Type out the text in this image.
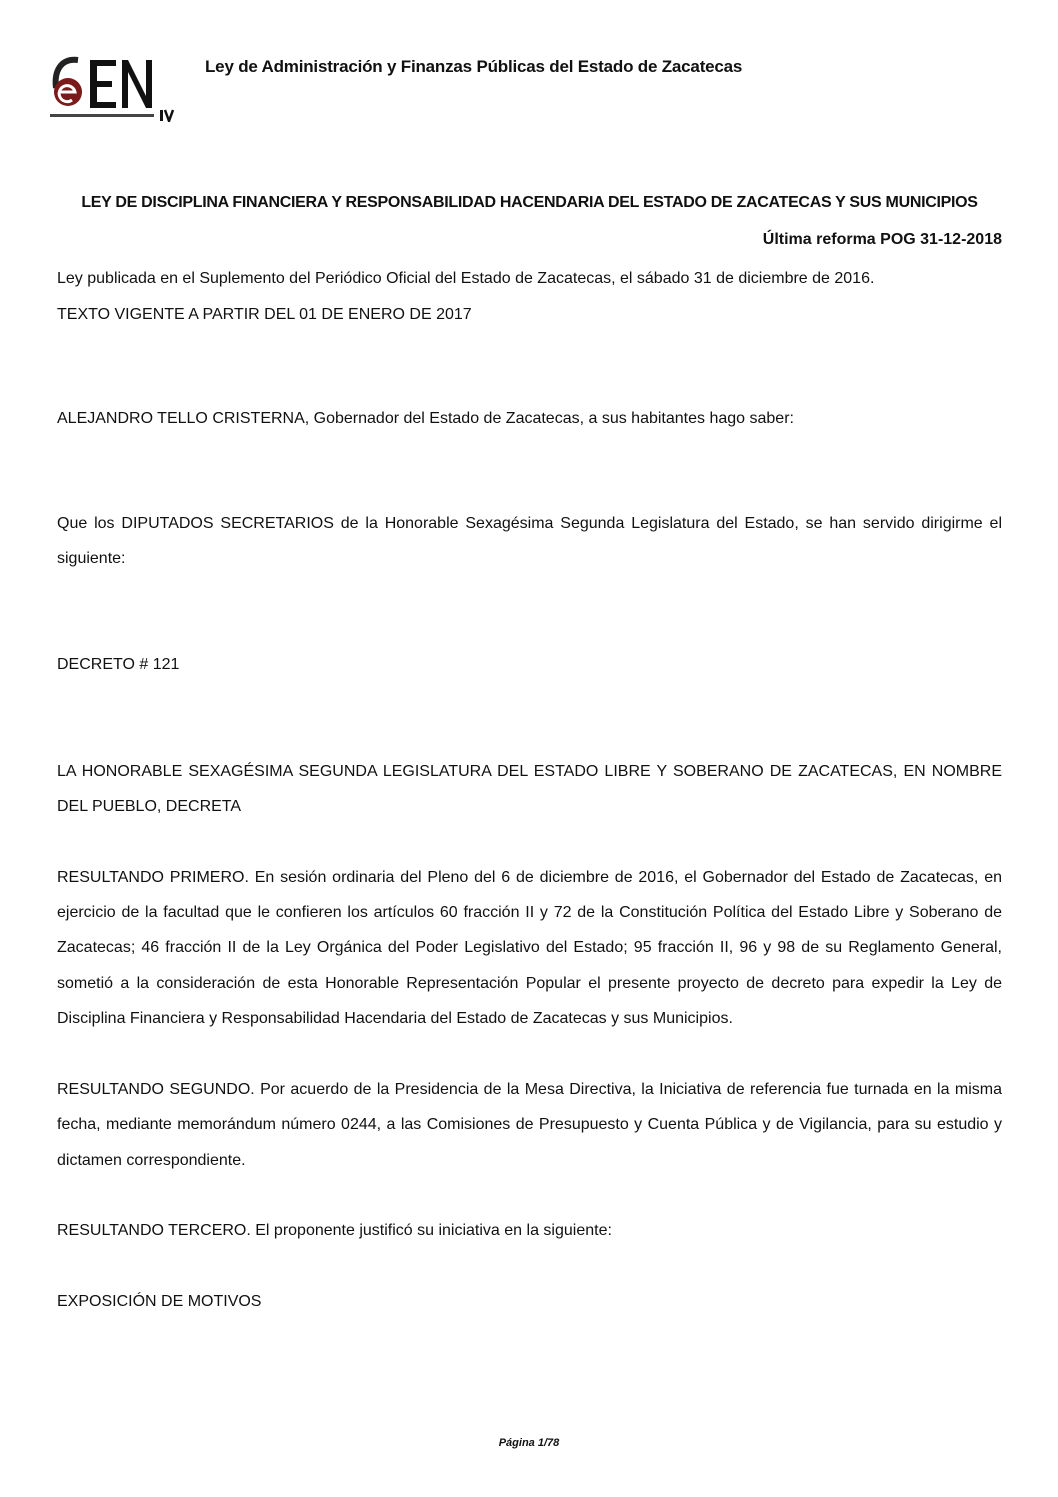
Ley de Administración y Finanzas Públicas del Estado de Zacatecas
LEY DE DISCIPLINA FINANCIERA Y RESPONSABILIDAD HACENDARIA DEL ESTADO DE ZACATECAS Y SUS MUNICIPIOS
Última reforma POG 31-12-2018
Ley publicada en el Suplemento del Periódico Oficial del Estado de Zacatecas, el sábado 31 de diciembre de 2016.
TEXTO VIGENTE A PARTIR DEL 01 DE ENERO DE 2017
ALEJANDRO TELLO CRISTERNA, Gobernador del Estado de Zacatecas, a sus habitantes hago saber:
Que los DIPUTADOS SECRETARIOS de la Honorable Sexagésima Segunda Legislatura del Estado, se han servido dirigirme el siguiente:
DECRETO # 121
LA HONORABLE SEXAGÉSIMA SEGUNDA LEGISLATURA DEL ESTADO LIBRE Y SOBERANO DE ZACATECAS, EN NOMBRE DEL PUEBLO, DECRETA
RESULTANDO PRIMERO. En sesión ordinaria del Pleno del 6 de diciembre de 2016, el Gobernador del Estado de Zacatecas, en ejercicio de la facultad que le confieren los artículos 60 fracción II y 72 de la Constitución Política del Estado Libre y Soberano de Zacatecas; 46 fracción II de la Ley Orgánica del Poder Legislativo del Estado; 95 fracción II, 96 y 98 de su Reglamento General, sometió a la consideración de esta Honorable Representación Popular el presente proyecto de decreto para expedir la Ley de Disciplina Financiera y Responsabilidad Hacendaria del Estado de Zacatecas y sus Municipios.
RESULTANDO SEGUNDO. Por acuerdo de la Presidencia de la Mesa Directiva, la Iniciativa de referencia fue turnada en la misma fecha, mediante memorándum número 0244, a las Comisiones de Presupuesto y Cuenta Pública y de Vigilancia, para su estudio y dictamen correspondiente.
RESULTANDO TERCERO. El proponente justificó su iniciativa en la siguiente:
EXPOSICIÓN DE MOTIVOS
Página 1/78
